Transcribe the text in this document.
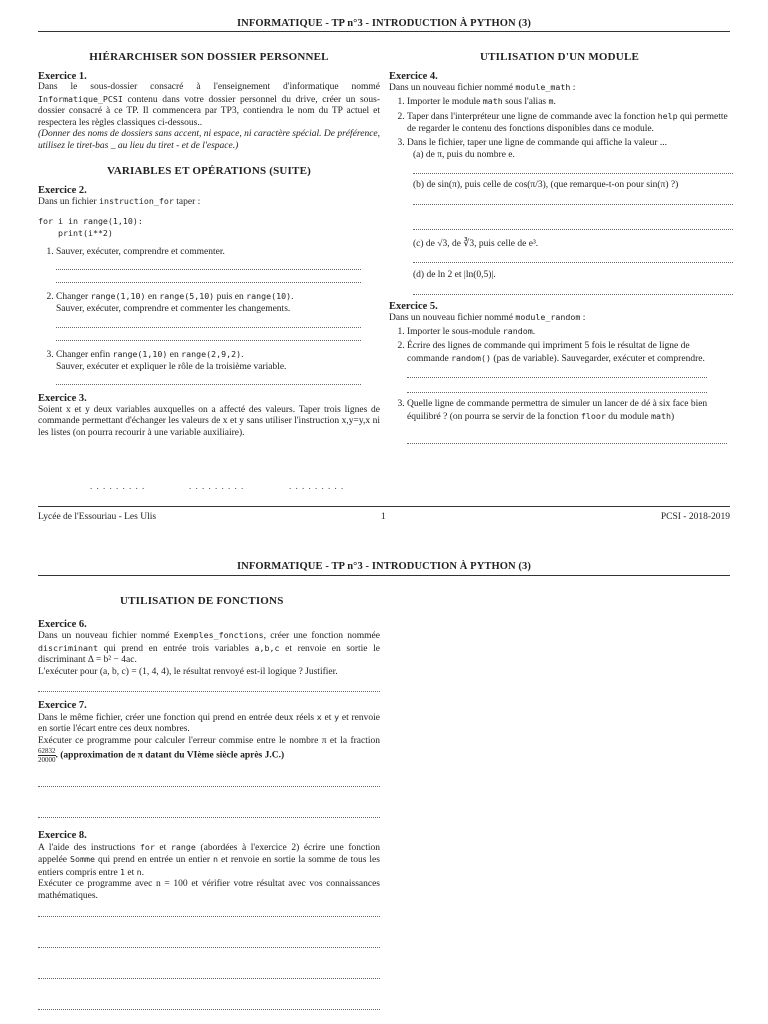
INFORMATIQUE - TP n°3 - INTRODUCTION À PYTHON (3)

HIÉRARCHISER SON DOSSIER PERSONNEL

Exercice 1.

Dans le sous-dossier consacré à l'enseignement d'informatique nommé Informatique_PCSI contenu dans votre dossier personnel du drive, créer un sous-dossier consacré à ce TP. Il commencera par TP3, contiendra le nom du TP actuel et respectera les règles classiques ci-dessous..

(Donner des noms de dossiers sans accent, ni espace, ni caractère spécial. De préférence, utilisez le tiret-bas _ au lieu du tiret - et de l'espace.)

VARIABLES ET OPÉRATIONS (SUITE)

Exercice 2.

Dans un fichier instruction_for taper :

for i in range(1,10):
print(i**2)
1. Sauver, exécuter, comprendre et commenter.
2. Changer range(1,10) en range(5,10) puis en range(10).
Sauver, exécuter, comprendre et commenter les changements.
3. Changer enfin range(1,10) en range(2,9,2).
Sauver, exécuter et expliquer le rôle de la troisième variable.

Exercice 3.

Soient x et y deux variables auxquelles on a affecté des valeurs. Taper trois lignes de commande permettant d'échanger les valeurs de x et y sans utiliser l'instruction x,y=y,x ni les listes (on pourra recourir à une variable auxiliaire).

. . . . . . . . .	. . . . . . . . .	. . . . . . . . .

UTILISATION D'UN MODULE

Exercice 4.

Dans un nouveau fichier nommé module_math :

1. Importer le module math sous l'alias m.
2. Taper dans l'interpréteur une ligne de commande avec la fonction help qui permette de regarder le contenu des fonctions disponibles dans ce module.
3. Dans le fichier, taper une ligne de commande qui affiche la valeur ...
(a) de π, puis du nombre e.
(b) de sin(π), puis celle de cos(π/3), (que remarque-t-on pour sin(π) ?)
(c) de √3, de ∛3, puis celle de e³.
(d) de ln 2 et |ln(0,5)|.

Exercice 5.

Dans un nouveau fichier nommé module_random :

1. Importer le sous-module random.
2. Écrire des lignes de commande qui impriment 5 fois le résultat de ligne de commande random() (pas de variable). Sauvegarder, exécuter et comprendre.
3. Quelle ligne de commande permettra de simuler un lancer de dé à six face bien équilibré ? (on pourra se servir de la fonction floor du module math)
Lycée de l'Essouriau - Les Ulis	1	PCSI - 2018-2019
INFORMATIQUE - TP n°3 - INTRODUCTION À PYTHON (3)

UTILISATION DE FONCTIONS

Exercice 6.

Dans un nouveau fichier nommé Exemples_fonctions, créer une fonction nommée discriminant qui prend en entrée trois variables a,b,c et renvoie en sortie le discriminant Δ = b² − 4ac.

L'exécuter pour (a, b, c) = (1, 4, 4), le résultat renvoyé est-il logique ? Justifier.

Exercice 7.

Dans le même fichier, créer une fonction qui prend en entrée deux réels x et y et renvoie en sortie l'écart entre ces deux nombres.

Exécuter ce programme pour calculer l'erreur commise entre le nombre π et la fraction
$\frac{62832}{20000}$ . (approximation de π datant du VIème siècle après J.C.)

Exercice 8.

A l'aide des instructions for et range (abordées à l'exercice 2) écrire une fonction appelée Somme qui prend en entrée un entier n et renvoie en sortie la somme de tous les entiers compris entre 1 et n.

Exécuter ce programme avec n = 100 et vérifier votre résultat avec vos connaissances mathématiques.
